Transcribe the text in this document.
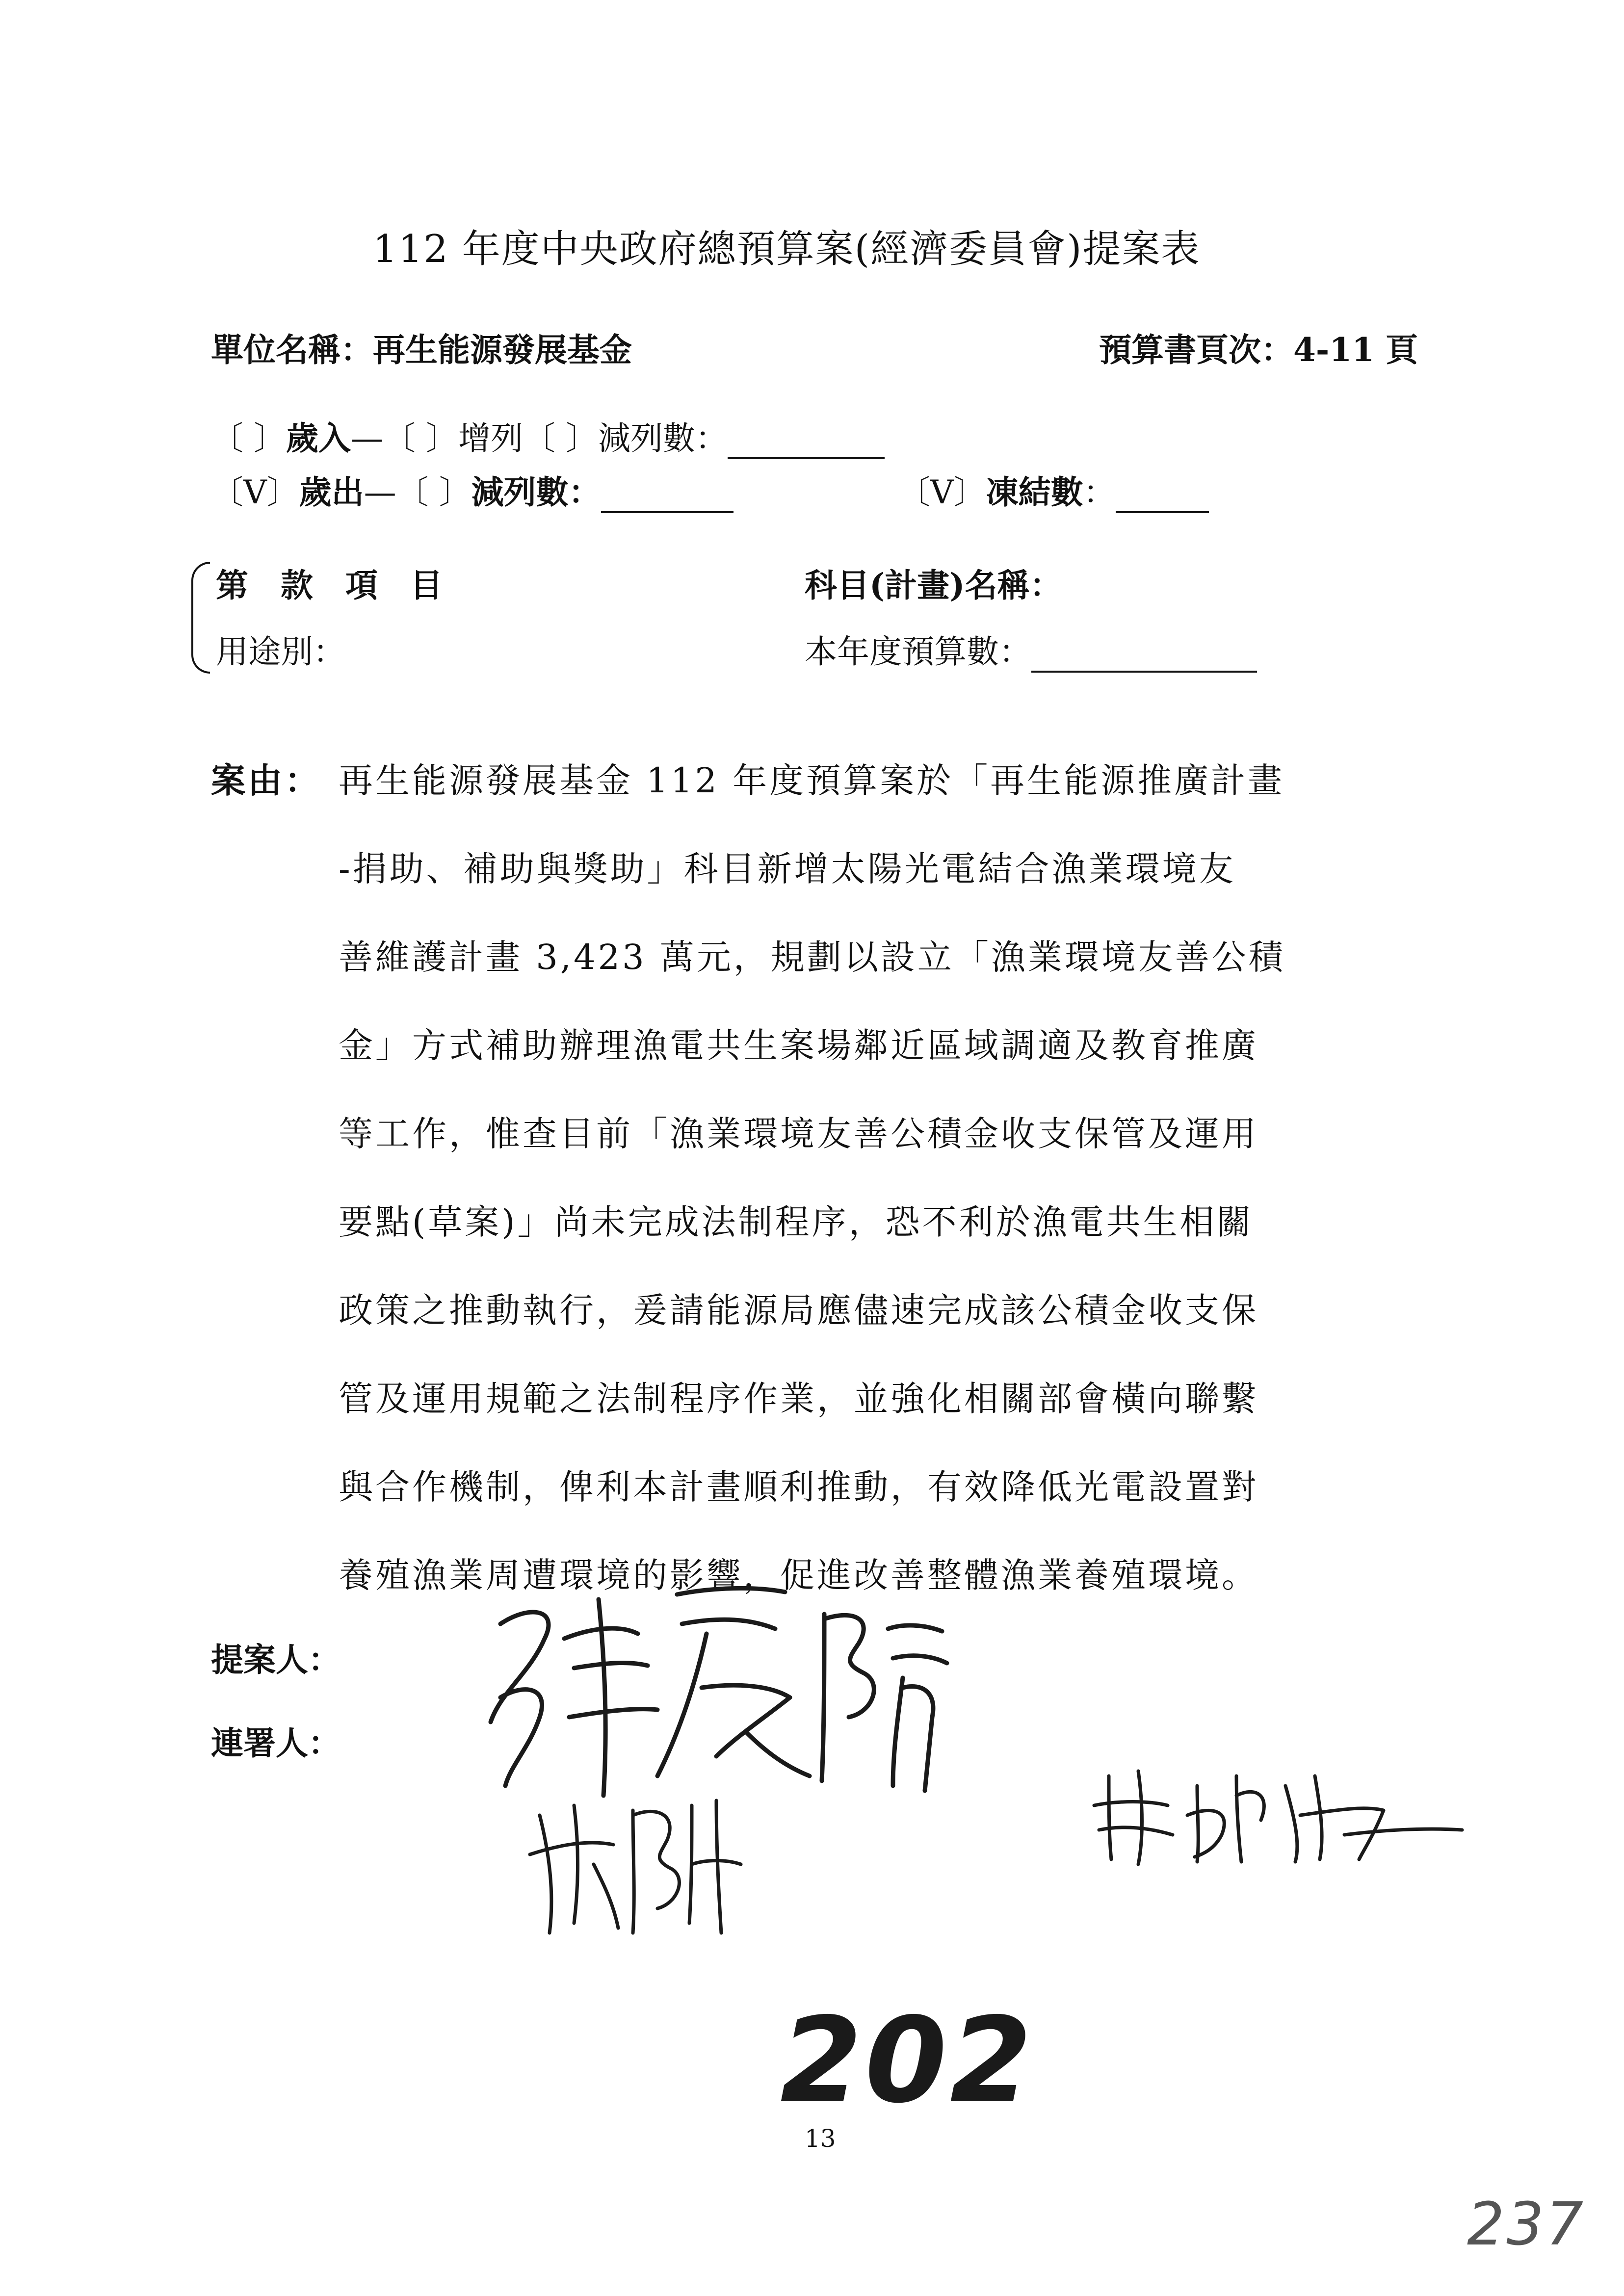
112 年度中央政府總預算案(經濟委員會)提案表
單位名稱：再生能源發展基金	預算書頁次：4-11 頁
〔 〕歲入—〔 〕增列〔 〕減列數：
〔V〕歲出—〔 〕減列數：	〔V〕凍結數：
第　款　項　目
用途別：
科目(計畫)名稱：
本年度預算數：
案由： 再生能源發展基金 112 年度預算案於「再生能源推廣計畫
-捐助、補助與獎助」科目新增太陽光電結合漁業環境友
善維護計畫 3,423 萬元，規劃以設立「漁業環境友善公積
金」方式補助辦理漁電共生案場鄰近區域調適及教育推廣
等工作，惟查目前「漁業環境友善公積金收支保管及運用
要點(草案)」尚未完成法制程序，恐不利於漁電共生相關
政策之推動執行，爰請能源局應儘速完成該公積金收支保
管及運用規範之法制程序作業，並強化相關部會橫向聯繫
與合作機制，俾利本計畫順利推動，有效降低光電設置對
養殖漁業周遭環境的影響，促進改善整體漁業養殖環境。
提案人：
連署人：
202
13
237
